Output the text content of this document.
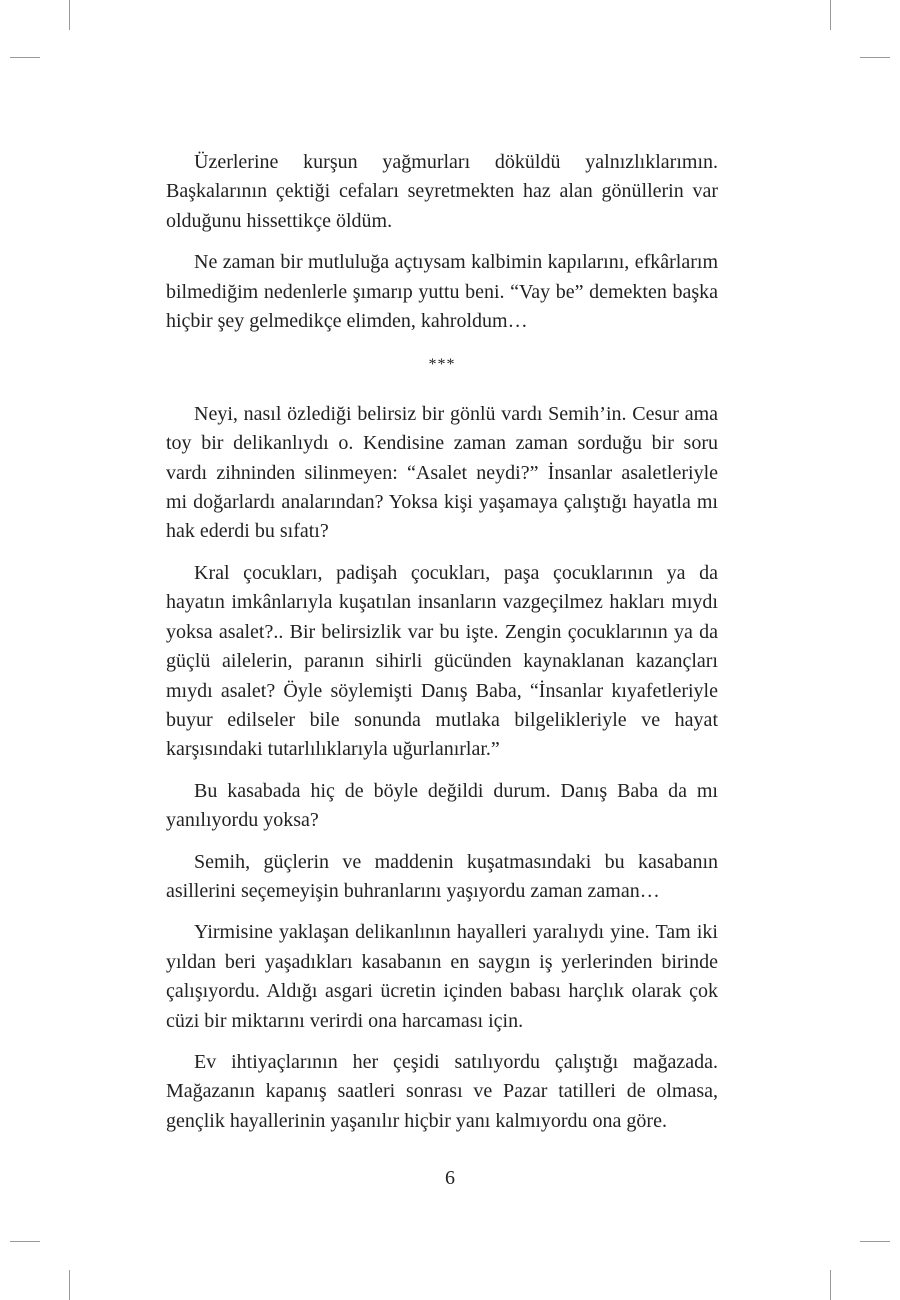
Üzerlerine kurşun yağmurları döküldü yalnızlıklarımın. Başkalarının çektiği cefaları seyretmekten haz alan gönüllerin var olduğunu hissettikçe öldüm.

Ne zaman bir mutluluğa açtıysam kalbimin kapılarını, efkârlarım bilmediğim nedenlerle şımarıp yuttu beni. “Vay be” demekten başka hiçbir şey gelmedikçe elimden, kahroldum…

***

Neyi, nasıl özlediği belirsiz bir gönlü vardı Semih’in. Cesur ama toy bir delikanlıydı o. Kendisine zaman zaman sorduğu bir soru vardı zihninden silinmeyen: “Asalet neydi?” İnsanlar asaletleriyle mi doğarlardı analarından? Yoksa kişi yaşamaya çalıştığı hayatla mı hak ederdi bu sıfatı?

Kral çocukları, padişah çocukları, paşa çocuklarının ya da hayatın imkânlarıyla kuşatılan insanların vazgeçilmez hakları mıydı yoksa asalet?.. Bir belirsizlik var bu işte. Zengin çocuklarının ya da güçlü ailelerin, paranın sihirli gücünden kaynaklanan kazançları mıydı asalet? Öyle söylemişti Danış Baba, “İnsanlar kıyafetleriyle buyur edilseler bile sonunda mutlaka bilgelikleriyle ve hayat karşısındaki tutarlılıklarıyla uğurlanırlar.”

Bu kasabada hiç de böyle değildi durum. Danış Baba da mı yanılıyordu yoksa?

Semih, güçlerin ve maddenin kuşatmasındaki bu kasabanın asillerini seçemeyişin buhranlarını yaşıyordu zaman zaman…

Yirmisine yaklaşan delikanlının hayalleri yaralıydı yine. Tam iki yıldan beri yaşadıkları kasabanın en saygın iş yerlerinden birinde çalışıyordu. Aldığı asgari ücretin içinden babası harçlık olarak çok cüzi bir miktarını verirdi ona harcaması için.

Ev ihtiyaçlarının her çeşidi satılıyordu çalıştığı mağazada. Mağazanın kapanış saatleri sonrası ve Pazar tatilleri de olmasa, gençlik hayallerinin yaşanılır hiçbir yanı kalmıyordu ona göre.

6
